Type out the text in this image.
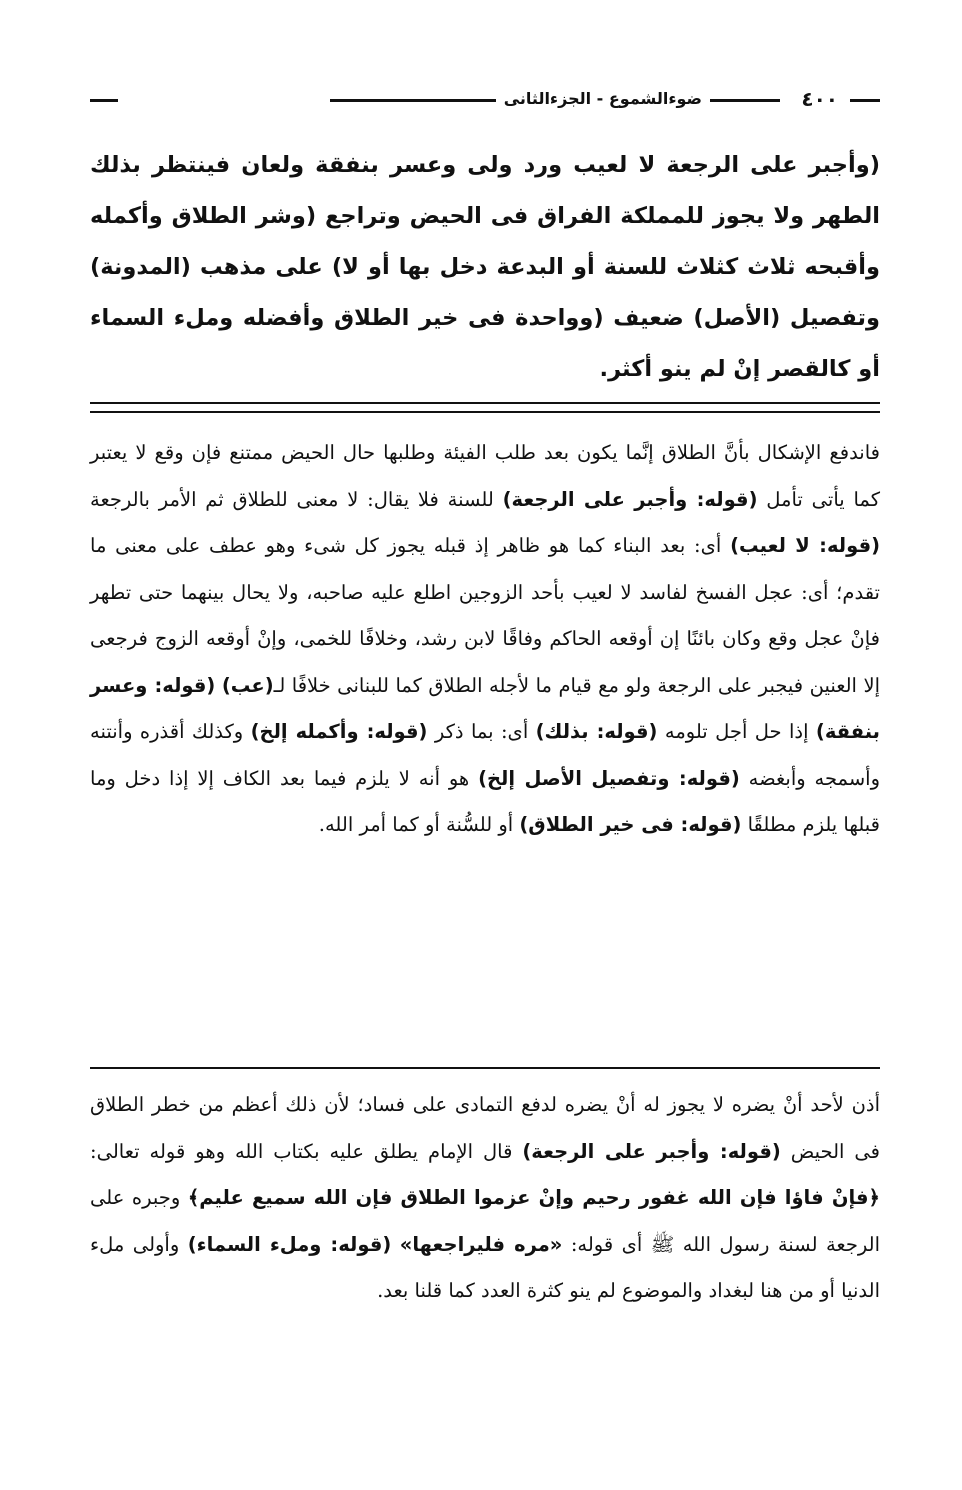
٤٠٠
ضوءالشموع - الجزءالثانى

(وأجبر على الرجعة لا لعيب ورد ولى وعسر بنفقة ولعان فينتظر بذلك الطهر ولا يجوز للمملكة الفراق فى الحيض وتراجع (وشر الطلاق وأكمله وأقبحه ثلاث كثلاث للسنة أو البدعة دخل بها أو لا) على مذهب (المدونة) وتفصيل (الأصل) ضعيف (وواحدة فى خير الطلاق وأفضله وملء السماء أو كالقصر إنْ لم ينو أكثر.

فاندفع الإشكال بأنَّ الطلاق إنَّما يكون بعد طلب الفيئة وطلبها حال الحيض ممتنع فإن وقع لا يعتبر كما يأتى تأمل (قوله: وأجبر على الرجعة) للسنة فلا يقال: لا معنى للطلاق ثم الأمر بالرجعة (قوله: لا لعيب) أى: بعد البناء كما هو ظاهر إذ قبله يجوز كل شىء وهو عطف على معنى ما تقدم؛ أى: عجل الفسخ لفاسد لا لعيب بأحد الزوجين اطلع عليه صاحبه، ولا يحال بينهما حتى تطهر فإنْ عجل وقع وكان بائنًا إن أوقعه الحاكم وفاقًا لابن رشد، وخلافًا للخمى، وإنْ أوقعه الزوج فرجعى إلا العنين فيجبر على الرجعة ولو مع قيام ما لأجله الطلاق كما للبنانى خلافًا لـ(عب) (قوله: وعسر بنفقة) إذا حل أجل تلومه (قوله: بذلك) أى: بما ذكر (قوله: وأكمله إلخ) وكذلك أقذره وأنتنه وأسمجه وأبغضه (قوله: وتفصيل الأصل إلخ) هو أنه لا يلزم فيما بعد الكاف إلا إذا دخل وما قبلها يلزم مطلقًا (قوله: فى خير الطلاق) أو للسُّنة أو كما أمر الله.

أذن لأحد أنْ يضره لا يجوز له أنْ يضره لدفع التمادى على فساد؛ لأن ذلك أعظم من خطر الطلاق فى الحيض (قوله: وأجبر على الرجعة) قال الإمام يطلق عليه بكتاب الله وهو قوله تعالى: ﴿فإنْ فاؤا فإن الله غفور رحيم وإنْ عزموا الطلاق فإن الله سميع عليم﴾ وجبره على الرجعة لسنة رسول الله ﷺ أى قوله: «مره فليراجعها» (قوله: وملء السماء) وأولى ملء الدنيا أو من هنا لبغداد والموضوع لم ينو كثرة العدد كما قلنا بعد.
